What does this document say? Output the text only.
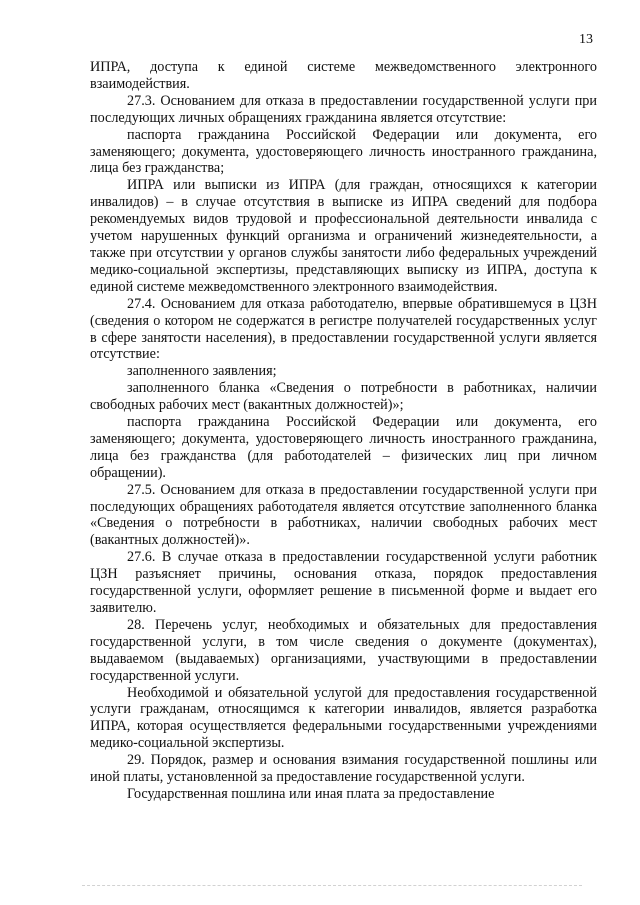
13

ИПРА, доступа к единой системе межведомственного электронного взаимодействия.

27.3. Основанием для отказа в предоставлении государственной услуги при последующих личных обращениях гражданина является отсутствие:

паспорта гражданина Российской Федерации или документа, его заменяющего; документа, удостоверяющего личность иностранного гражданина, лица без гражданства;

ИПРА или выписки из ИПРА (для граждан, относящихся к категории инвалидов) – в случае отсутствия в выписке из ИПРА сведений для подбора рекомендуемых видов трудовой и профессиональной деятельности инвалида с учетом нарушенных функций организма и ограничений жизнедеятельности, а также при отсутствии у органов службы занятости либо федеральных учреждений медико-социальной экспертизы, представляющих выписку из ИПРА, доступа к единой системе межведомственного электронного взаимодействия.

27.4. Основанием для отказа работодателю, впервые обратившемуся в ЦЗН (сведения о котором не содержатся в регистре получателей государственных услуг в сфере занятости населения), в предоставлении государственной услуги является отсутствие:

заполненного заявления;

заполненного бланка «Сведения о потребности в работниках, наличии свободных рабочих мест (вакантных должностей)»;

паспорта гражданина Российской Федерации или документа, его заменяющего; документа, удостоверяющего личность иностранного гражданина, лица без гражданства (для работодателей – физических лиц при личном обращении).

27.5. Основанием для отказа в предоставлении государственной услуги при последующих обращениях работодателя является отсутствие заполненного бланка «Сведения о потребности в работниках, наличии свободных рабочих мест (вакантных должностей)».

27.6. В случае отказа в предоставлении государственной услуги работник ЦЗН разъясняет причины, основания отказа, порядок предоставления государственной услуги, оформляет решение в письменной форме и выдает его заявителю.

28. Перечень услуг, необходимых и обязательных для предоставления государственной услуги, в том числе сведения о документе (документах), выдаваемом (выдаваемых) организациями, участвующими в предоставлении государственной услуги.

Необходимой и обязательной услугой для предоставления государственной услуги гражданам, относящимся к категории инвалидов, является разработка ИПРА, которая осуществляется федеральными государственными учреждениями медико-социальной экспертизы.

29. Порядок, размер и основания взимания государственной пошлины или иной платы, установленной за предоставление государственной услуги.

Государственная пошлина или иная плата за предоставление
